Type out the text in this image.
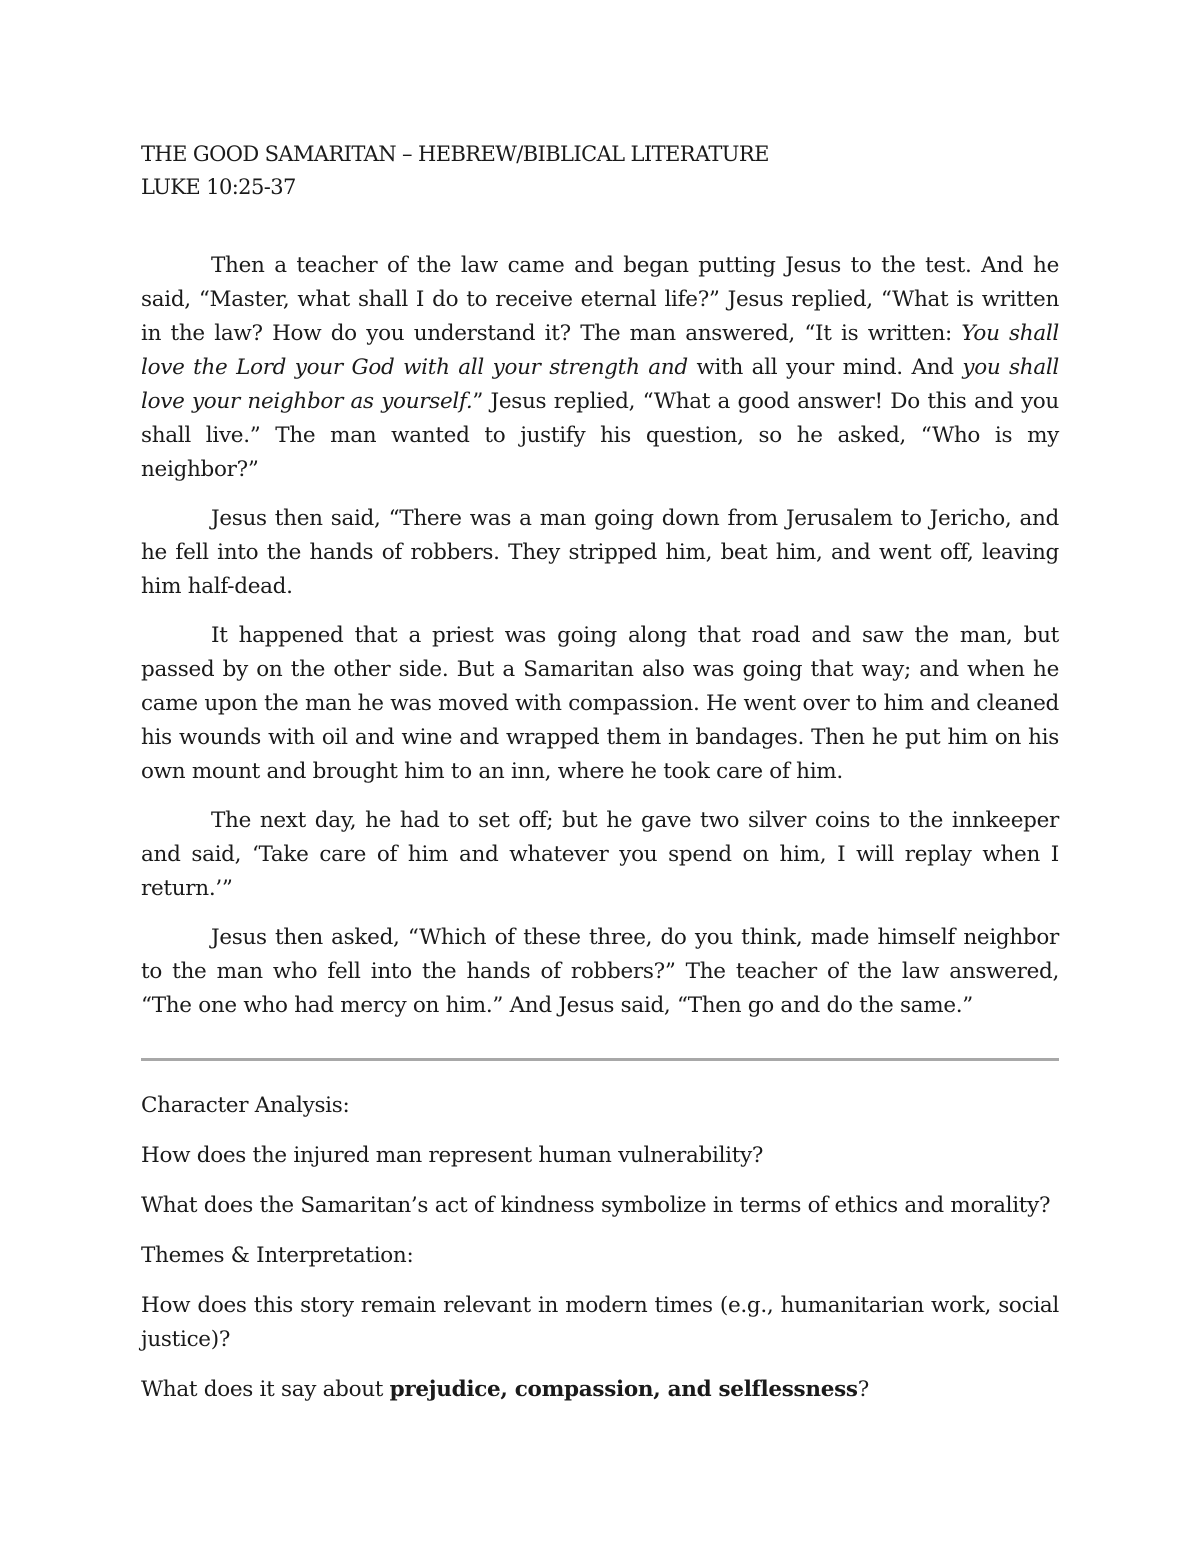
THE GOOD SAMARITAN – HEBREW/BIBLICAL LITERATURE
LUKE 10:25-37

Then a teacher of the law came and began putting Jesus to the test. And he said, “Master, what shall I do to receive eternal life?” Jesus replied, “What is written in the law? How do you understand it? The man answered, “It is written: You shall love the Lord your God with all your strength and with all your mind. And you shall love your neighbor as yourself.” Jesus replied, “What a good answer! Do this and you shall live.” The man wanted to justify his question, so he asked, “Who is my neighbor?”

Jesus then said, “There was a man going down from Jerusalem to Jericho, and he fell into the hands of robbers. They stripped him, beat him, and went off, leaving him half-dead.

It happened that a priest was going along that road and saw the man, but passed by on the other side. But a Samaritan also was going that way; and when he came upon the man he was moved with compassion. He went over to him and cleaned his wounds with oil and wine and wrapped them in bandages. Then he put him on his own mount and brought him to an inn, where he took care of him.

The next day, he had to set off; but he gave two silver coins to the innkeeper and said, ‘Take care of him and whatever you spend on him, I will replay when I return.’”

Jesus then asked, “Which of these three, do you think, made himself neighbor to the man who fell into the hands of robbers?” The teacher of the law answered, “The one who had mercy on him.” And Jesus said, “Then go and do the same.”

Character Analysis:

How does the injured man represent human vulnerability?

What does the Samaritan’s act of kindness symbolize in terms of ethics and morality?

Themes & Interpretation:

How does this story remain relevant in modern times (e.g., humanitarian work, social justice)?

What does it say about prejudice, compassion, and selflessness?
